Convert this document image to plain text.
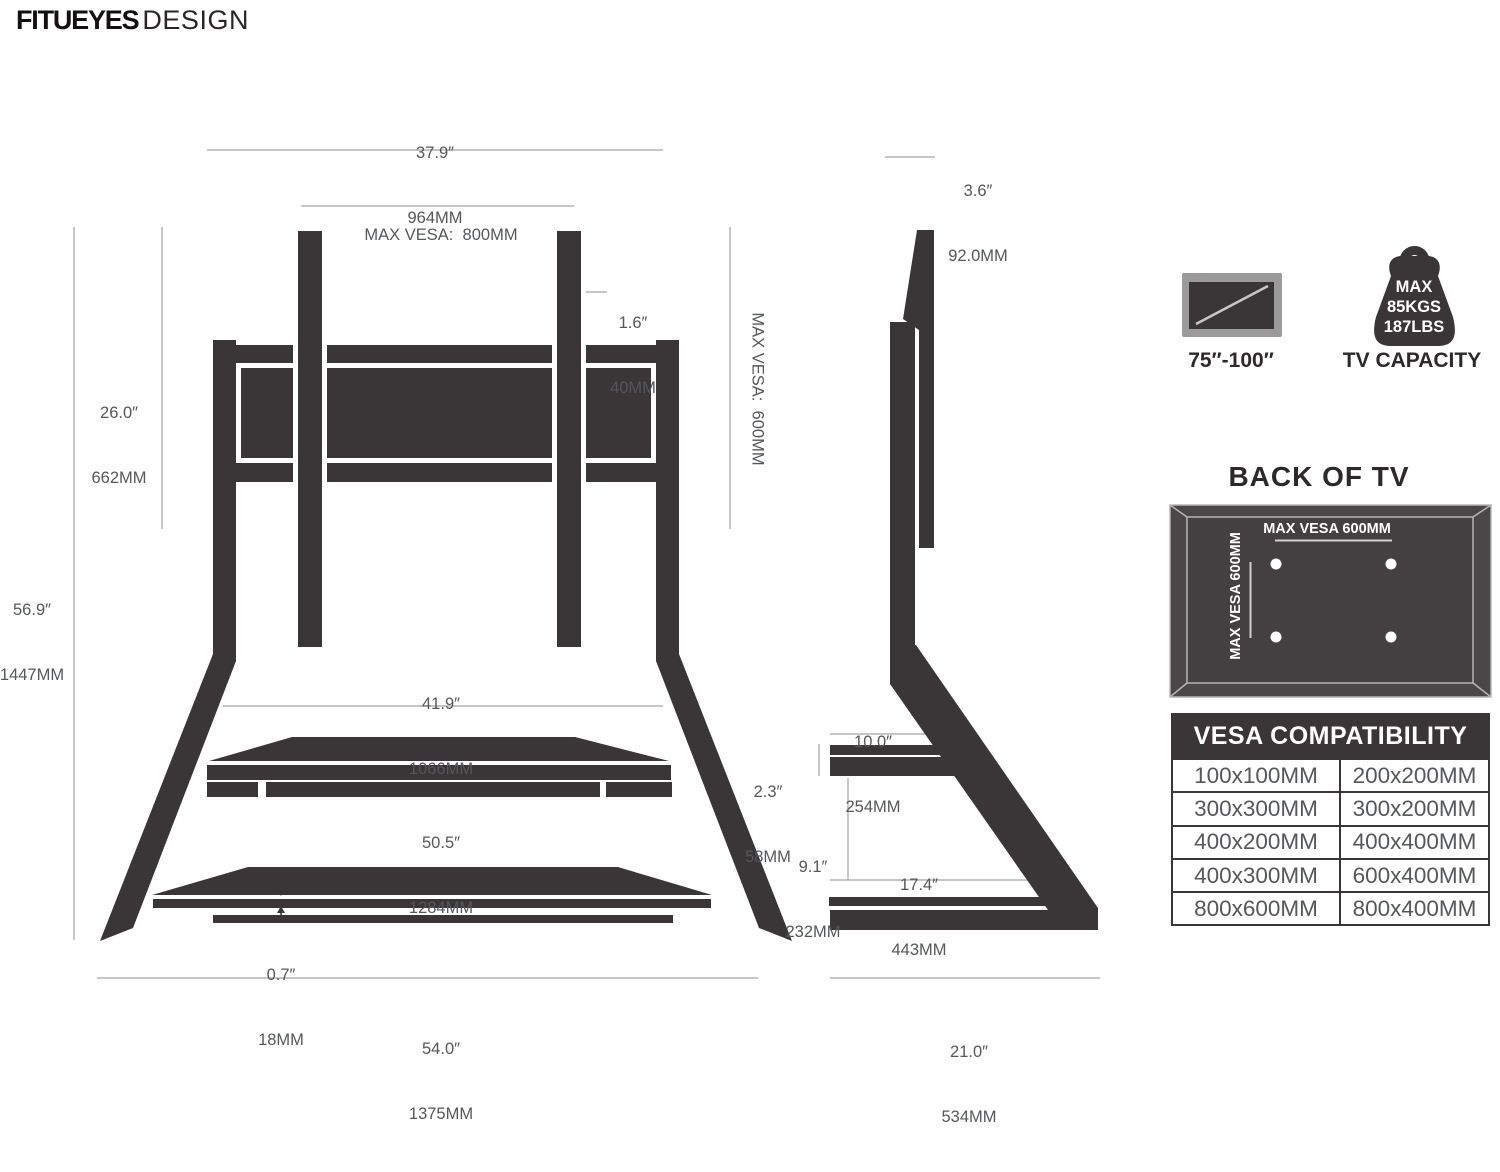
FITUEYES DESIGN

37.9″

964MM

MAX VESA:  800MM

1.6″

40MM

26.0″

662MM

56.9″

1447MM

MAX VESA:  600MM

41.9″

1066MM

50.5″

1284MM

0.7″

18MM

	54.0″

1375MM

3.6″

92.0MM

10.0″

254MM

2.3″

58MM

9.1″

232MM

17.4″

443MM

21.0″

534MM

75″-100″	TV CAPACITY
MAX
85KGS
187LBS
BACK OF TV
MAX VESA 600MM
MAX VESA 600MM
VESA COMPATIBILITY
100x100MM	200x200MM
300x300MM	300x200MM
400x200MM	400x400MM
400x300MM	600x400MM
800x600MM	800x400MM
